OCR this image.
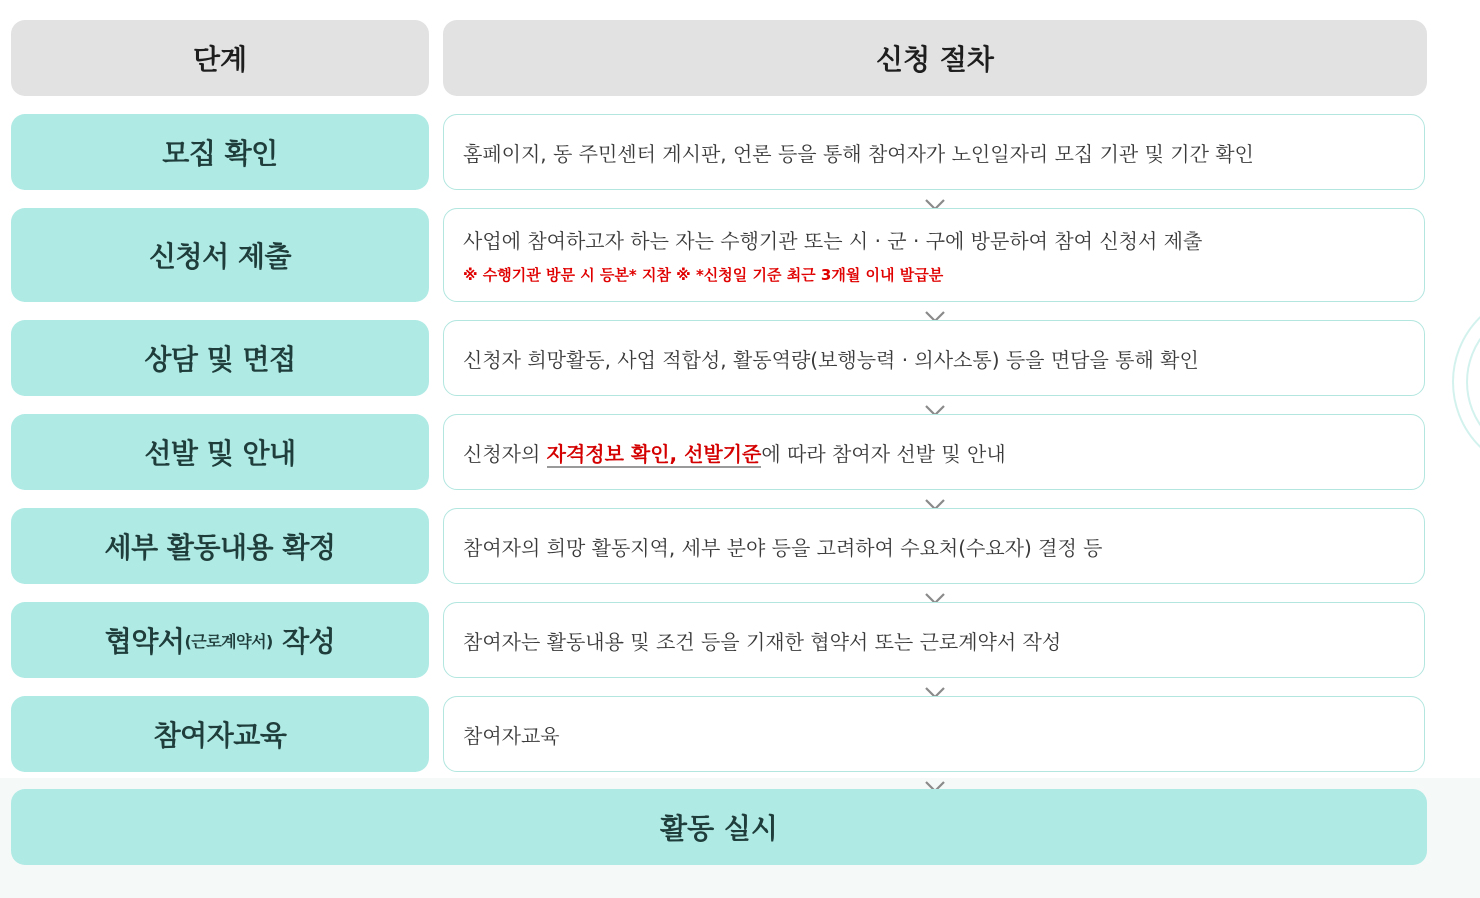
단계	신청 절차
모집 확인	홈페이지, 동 주민센터 게시판, 언론 등을 통해 참여자가 노인일자리 모집 기관 및 기간 확인
신청서 제출	사업에 참여하고자 하는 자는 수행기관 또는 시 · 군 · 구에 방문하여 참여 신청서 제출
※ 수행기관 방문 시 등본* 지참 ※ *신청일 기준 최근 3개월 이내 발급분
상담 및 면접	신청자 희망활동, 사업 적합성, 활동역량(보행능력 · 의사소통) 등을 면담을 통해 확인
선발 및 안내	신청자의 자격정보 확인, 선발기준에 따라 참여자 선발 및 안내
세부 활동내용 확정	참여자의 희망 활동지역, 세부 분야 등을 고려하여 수요처(수요자) 결정 등
협약서 (근로계약서) 작성	참여자는 활동내용 및 조건 등을 기재한 협약서 또는 근로계약서 작성
참여자교육	참여자교육
활동 실시
